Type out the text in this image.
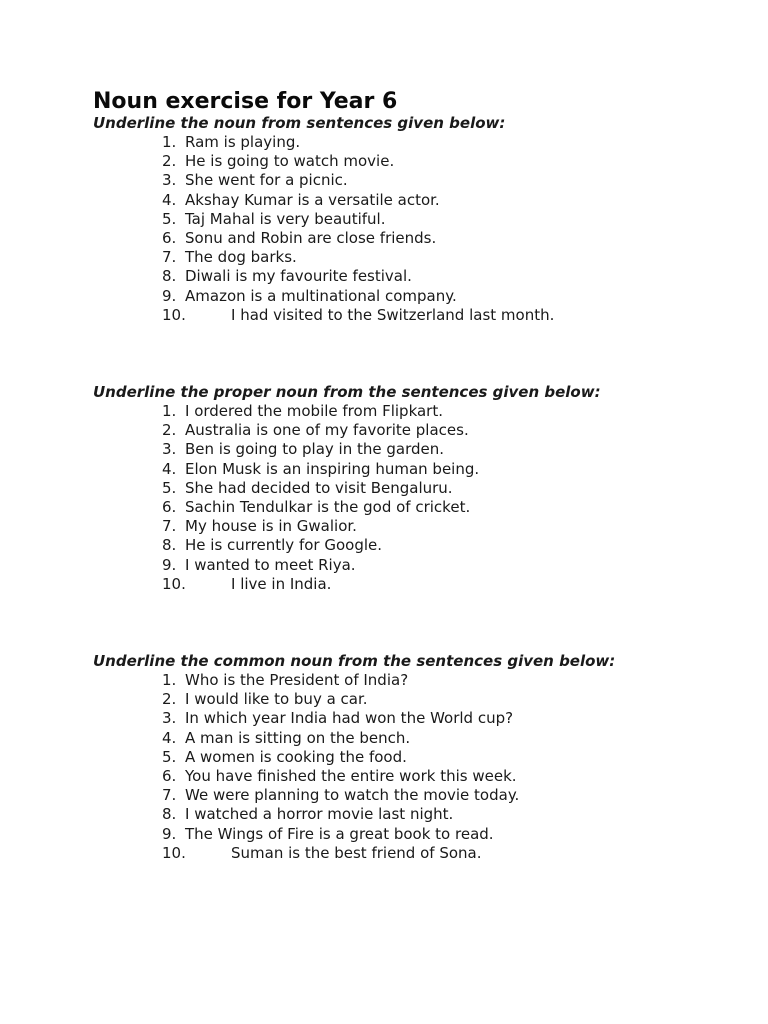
Noun exercise for Year 6

Underline the noun from sentences given below:

1. Ram is playing.
2. He is going to watch movie.
3. She went for a picnic.
4. Akshay Kumar is a versatile actor.
5. Taj Mahal is very beautiful.
6. Sonu and Robin are close friends.
7. The dog barks.
8. Diwali is my favourite festival.
9. Amazon is a multinational company.
10.	I had visited to the Switzerland last month.

Underline the proper noun from the sentences given below:

1. I ordered the mobile from Flipkart.
2. Australia is one of my favorite places.
3. Ben is going to play in the garden.
4. Elon Musk is an inspiring human being.
5. She had decided to visit Bengaluru.
6. Sachin Tendulkar is the god of cricket.
7. My house is in Gwalior.
8. He is currently for Google.
9. I wanted to meet Riya.
10.	I live in India.

Underline the common noun from the sentences given below:

1. Who is the President of India?
2. I would like to buy a car.
3. In which year India had won the World cup?
4. A man is sitting on the bench.
5. A women is cooking the food.
6. You have finished the entire work this week.
7. We were planning to watch the movie today.
8. I watched a horror movie last night.
9. The Wings of Fire is a great book to read.
10.	Suman is the best friend of Sona.
